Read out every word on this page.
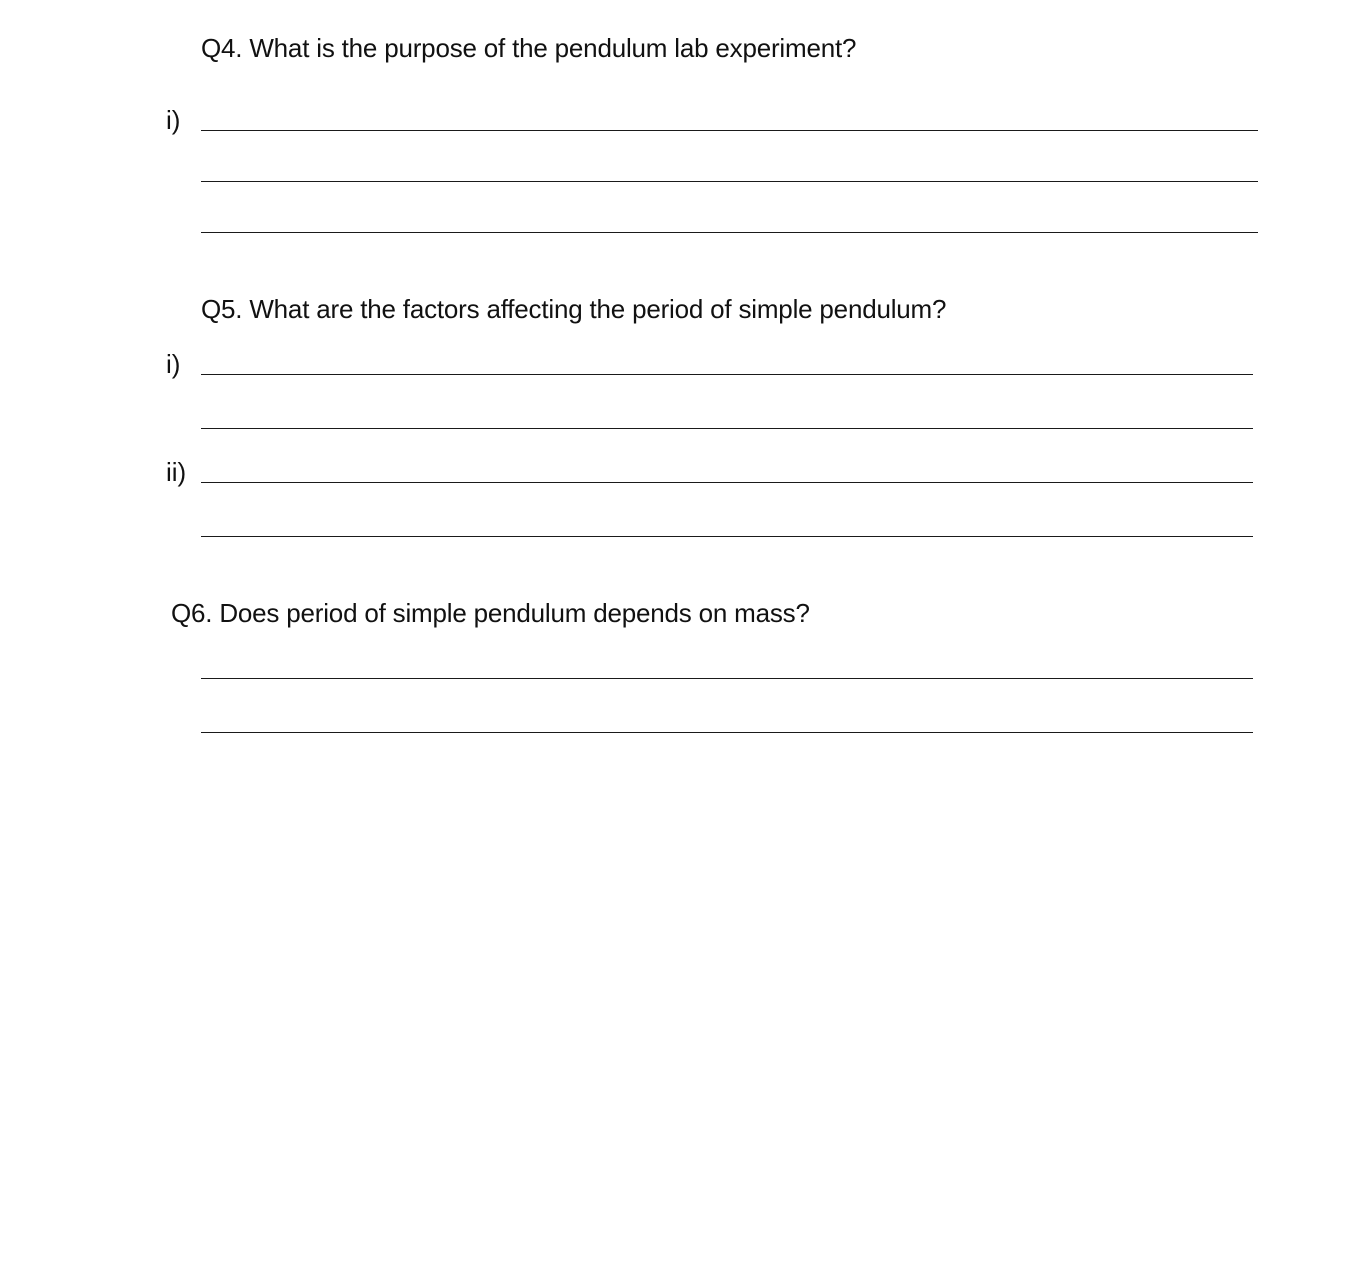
Q4. What is the purpose of the pendulum lab experiment?
i)
Q5. What are the factors affecting the period of simple pendulum?
i)
ii)
Q6. Does period of simple pendulum depends on mass?
